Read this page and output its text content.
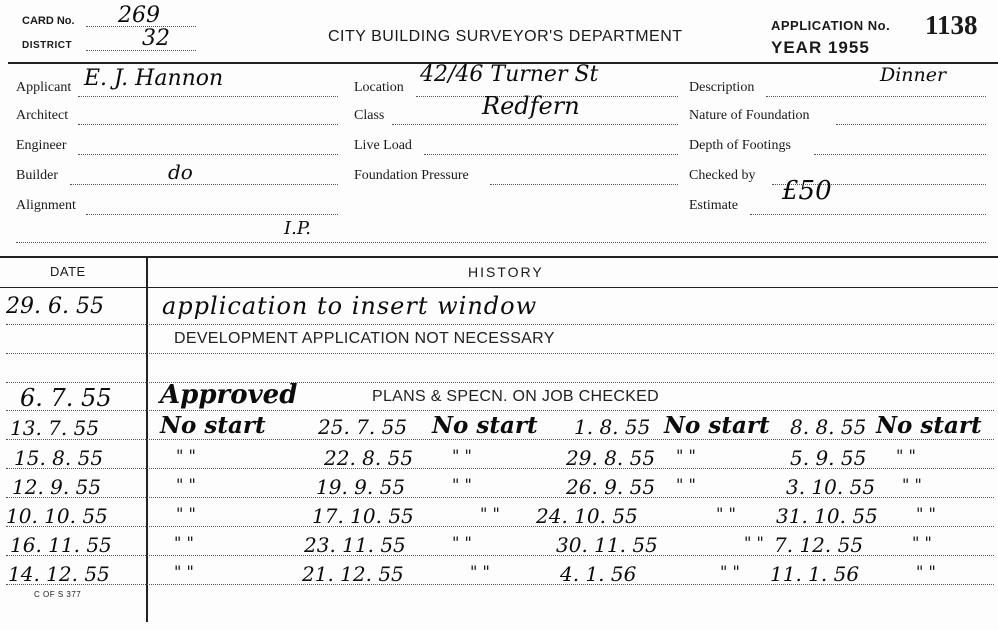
CARD No. 269
DISTRICT	32	CITY BUILDING SURVEYOR'S DEPARTMENT
APPLICATION No. 1138
YEAR 1955
Applicant E. J. Hannon
Architect
Engineer
Builder	do
Alignment
I.P.
Location
42/46 Turner St
Class	Redfern
Live Load
Foundation Pressure
Description
Dinner
Nature of Foundation
Depth of Footings
Checked by
Estimate £50
DATE	HISTORY
29. 6. 55 application to insert window
DEVELOPMENT APPLICATION NOT NECESSARY
6. 7. 55 Approved	PLANS & SPECN. ON JOB CHECKED
13. 7. 55	No start	25. 7. 55 No start 1. 8. 55 No start 8. 8. 55 No start
15. 8. 55	" "	22. 8. 55 " "	29. 8. 55 " "	5. 9. 55 " "
12. 9. 55	" "	19. 9. 55	" "	26. 9. 55 " "	3. 10. 55 " "
10. 10. 55	" "	17. 10. 55	" " 24. 10. 55	" " 31. 10. 55 " "
16. 11. 55	" "	23. 11. 55	" "	30. 11. 55	" " 7. 12. 55	" "
14. 12. 55	" "	21. 12. 55	" "	4. 1. 56	" " 11. 1. 56	" "
C OF S 377
